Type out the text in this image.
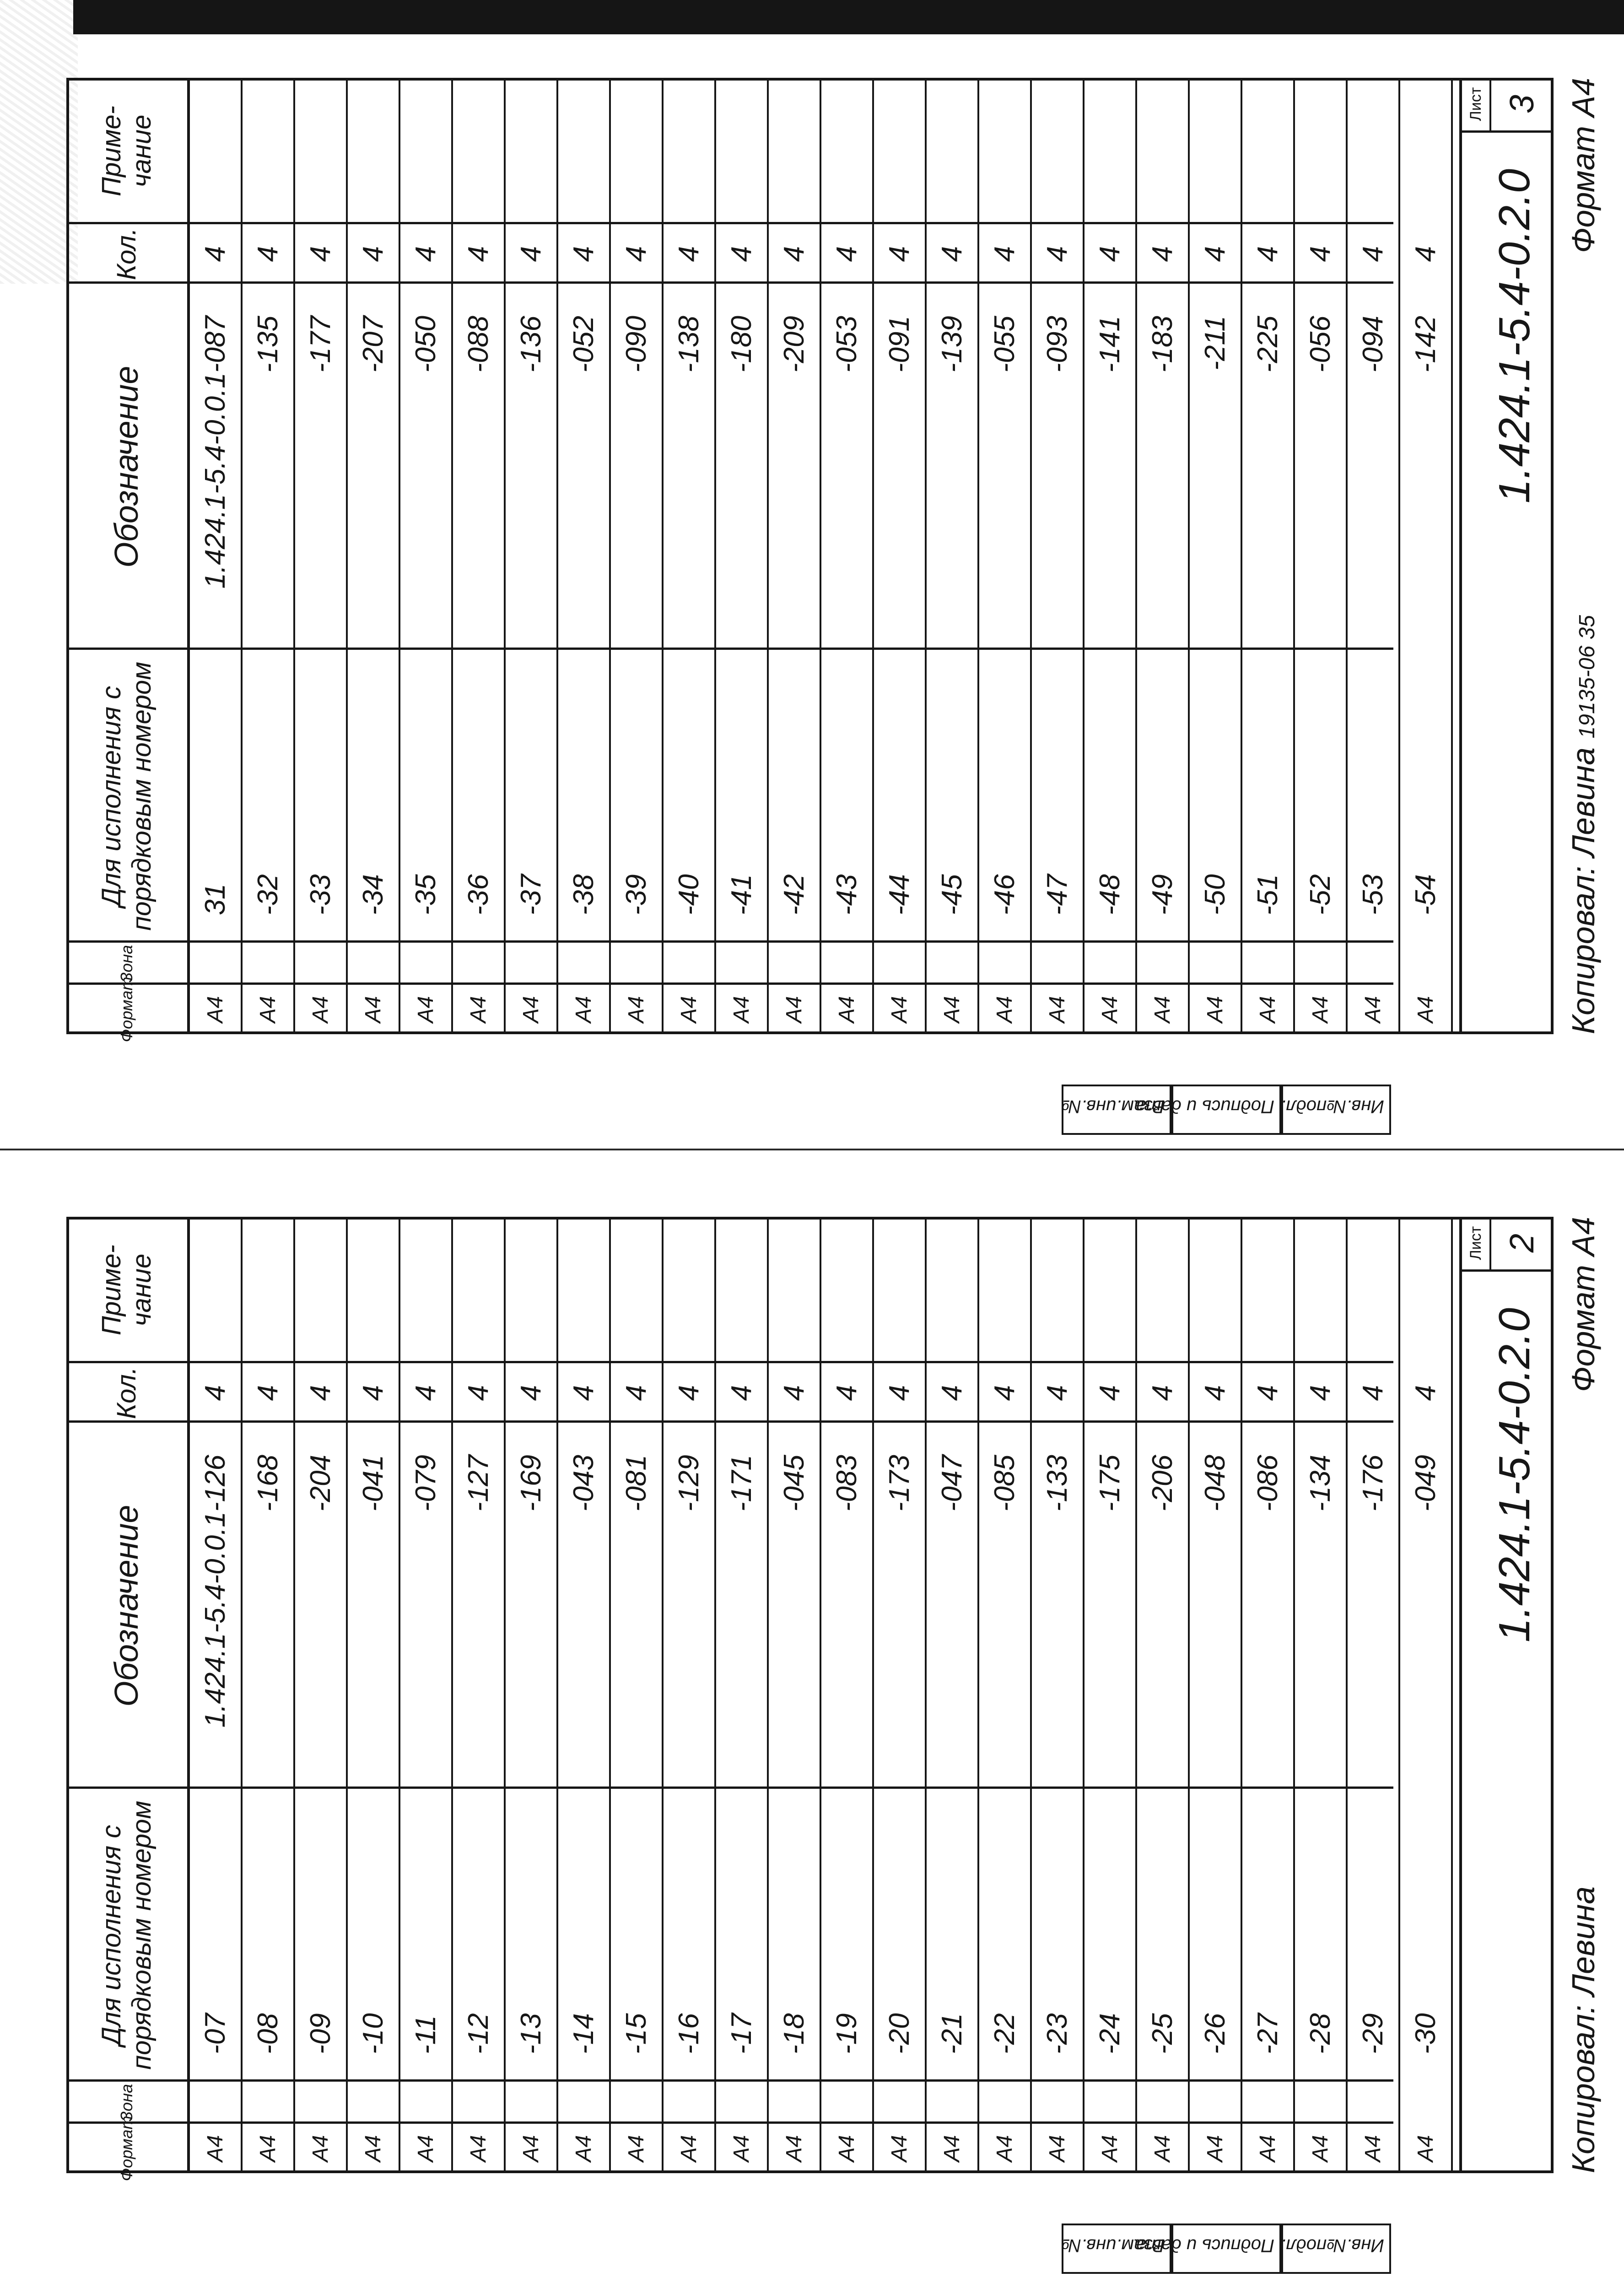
Формат
Зона
Для исполнения с порядковым номером
Обозначение
Кол.
Приме- чание
А4
31
1.424.1-5.4-0.0.1-087
4
А4
-32
-135
4
А4
-33
-177
4
А4
-34
-207
4
А4
-35
-050
4
А4
-36
-088
4
А4
-37
-136
4
А4
-38
-052
4
А4
-39
-090
4
А4
-40
-138
4
А4
-41
-180
4
А4
-42
-209
4
А4
-43
-053
4
А4
-44
-091
4
А4
-45
-139
4
А4
-46
-055
4
А4
-47
-093
4
А4
-48
-141
4
А4
-49
-183
4
А4
-50
-211
4
А4
-51
-225
4
А4
-52
-056
4
А4
-53
-094
4
А4
-54
-142
4 1.424.1-5.4-0.2.0
Лист 3
Копировал: Левина 19135-06 35
Формат А4
Формат
Зона
Для исполнения с порядковым номером
Обозначение
Кол.
Приме- чание
А4
-07
1.424.1-5.4-0.0.1-126
4
А4
-08
-168
4
А4
-09
-204
4
А4
-10
-041
4
А4
-11
-079
4
А4
-12
-127
4
А4
-13
-169
4
А4
-14
-043
4
А4
-15
-081
4
А4
-16
-129
4
А4
-17
-171
4
А4
-18
-045
4
А4
-19
-083
4
А4
-20
-173
4
А4
-21
-047
4
А4
-22
-085
4
А4
-23
-133
4
А4
-24
-175
4
А4
-25
-206
4
А4
-26
-048
4
А4
-27
-086
4
А4
-28
-134
4
А4
-29
-176
4
А4
-30
-049
4 1.424.1-5.4-0.2.0
Лист 2
Копировал: Левина
Формат А4
Взам.инв.№
Подпись и дата Инв.№подл.
Взам.инв.№
Подпись и дата Инв.№подл.
